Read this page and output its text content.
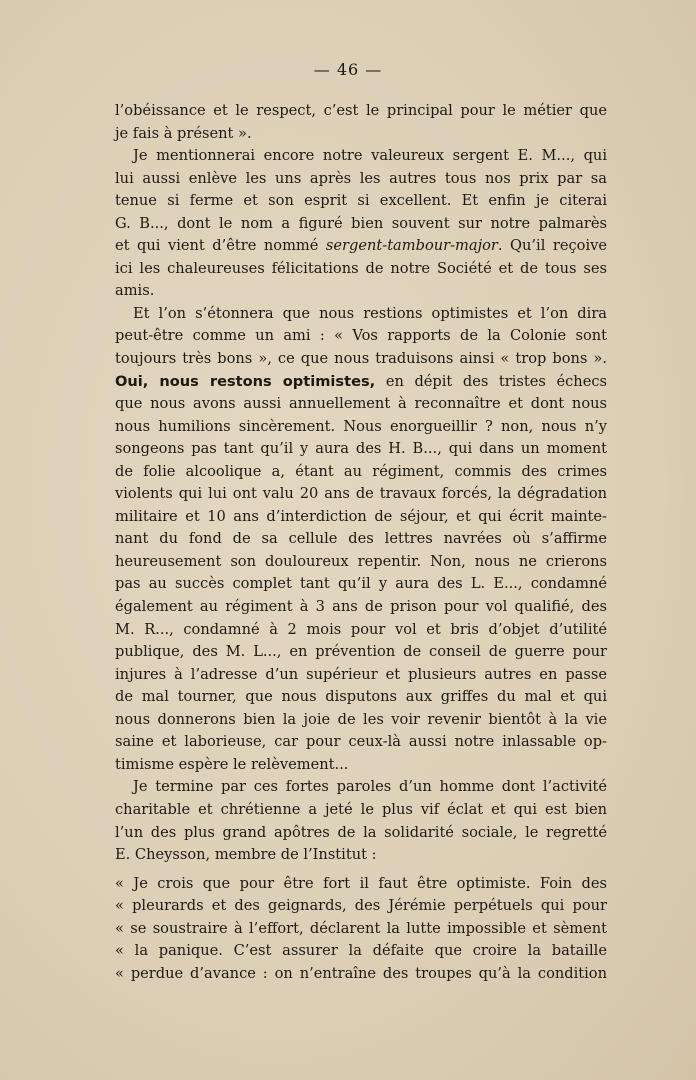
— 46 —
l’obéissance et le respect, c’est le principal pour le métier que
je fais à présent ».
Je mentionnerai encore notre valeureux sergent E. M..., qui
lui aussi enlève les uns après les autres tous nos prix par sa
tenue si ferme et son esprit si excellent. Et enfin je citerai
G. B..., dont le nom a figuré bien souvent sur notre palmarès
et qui vient d’être nommé sergent-tambour-major. Qu’il reçoive
ici les chaleureuses félicitations de notre Société et de tous ses
amis.
Et l’on s’étonnera que nous restions optimistes et l’on dira
peut-être comme un ami : « Vos rapports de la Colonie sont
toujours très bons », ce que nous traduisons ainsi « trop bons ».
Oui, nous restons optimistes, en dépit des tristes échecs
que nous avons aussi annuellement à reconnaître et dont nous
nous humilions sincèrement. Nous enorgueillir ? non, nous n’y
songeons pas tant qu’il y aura des H. B..., qui dans un moment
de folie alcoolique a, étant au régiment, commis des crimes
violents qui lui ont valu 20 ans de travaux forcés, la dégradation
militaire et 10 ans d’interdiction de séjour, et qui écrit mainte-
nant du fond de sa cellule des lettres navrées où s’affirme
heureusement son douloureux repentir. Non, nous ne crierons
pas au succès complet tant qu’il y aura des L. E..., condamné
également au régiment à 3 ans de prison pour vol qualifié, des
M. R..., condamné à 2 mois pour vol et bris d’objet d’utilité
publique, des M. L..., en prévention de conseil de guerre pour
injures à l’adresse d’un supérieur et plusieurs autres en passe
de mal tourner, que nous disputons aux griffes du mal et qui
nous donnerons bien la joie de les voir revenir bientôt à la vie
saine et laborieuse, car pour ceux-là aussi notre inlassable op-
timisme espère le relèvement...
Je termine par ces fortes paroles d’un homme dont l’activité
charitable et chrétienne a jeté le plus vif éclat et qui est bien
l’un des plus grand apôtres de la solidarité sociale, le regretté
E. Cheysson, membre de l’Institut :
« Je crois que pour être fort il faut être optimiste. Foin des
« pleurards et des geignards, des Jérémie perpétuels qui pour
« se soustraire à l’effort, déclarent la lutte impossible et sèment
« la panique. C’est assurer la défaite que croire la bataille
« perdue d’avance : on n’entraîne des troupes qu’à la condition
